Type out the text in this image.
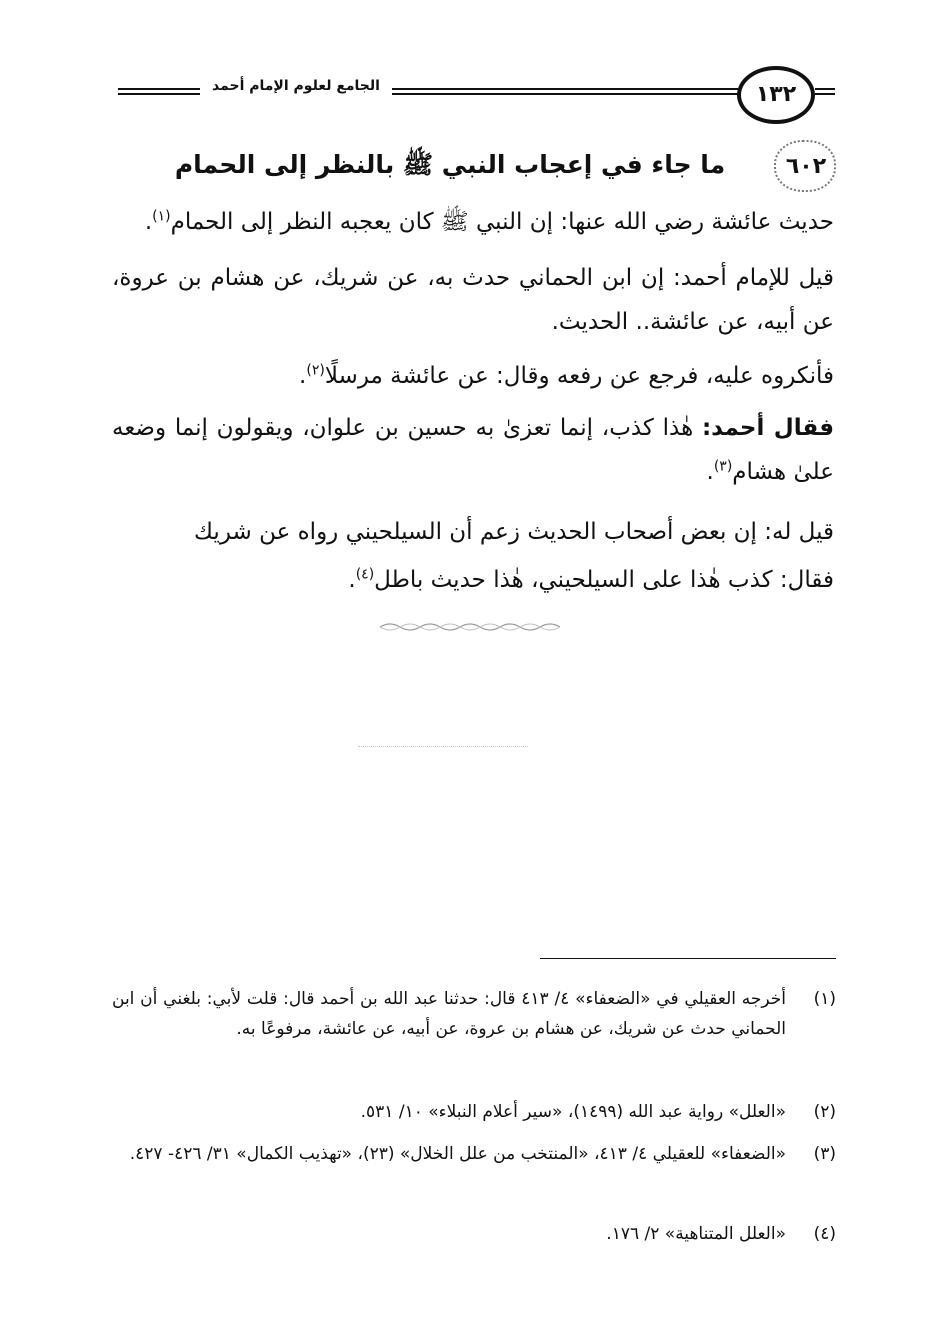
الجامع لعلوم الإمام أحمد	١٣٢
٦٠٢
ما جاء في إعجاب النبي ﷺ بالنظر إلى الحمام
حديث عائشة رضي الله عنها: إن النبي ﷺ كان يعجبه النظر إلى الحمام$^{(١)}$.
قيل للإمام أحمد: إن ابن الحماني حدث به، عن شريك، عن هشام بن عروة، عن أبيه، عن عائشة.. الحديث.
فأنكروه عليه، فرجع عن رفعه وقال: عن عائشة مرسلًا$^{(٢)}$.
فقال أحمد: هٰذا كذب، إنما تعزىٰ به حسين بن علوان، ويقولون إنما وضعه علىٰ هشام$^{(٣)}$.
قيل له: إن بعض أصحاب الحديث زعم أن السيلحيني رواه عن شريك
فقال: كذب هٰذا على السيلحيني، هٰذا حديث باطل$^{(٤)}$.
(١)
أخرجه العقيلي في «الضعفاء» ٤/ ٤١٣ قال: حدثنا عبد الله بن أحمد قال: قلت لأبي: بلغني أن ابن الحماني حدث عن شريك، عن هشام بن عروة، عن أبيه، عن عائشة، مرفوعًا به.
(٢)
«العلل» رواية عبد الله (١٤٩٩)، «سير أعلام النبلاء» ١٠/ ٥٣١.
(٣)
«الضعفاء» للعقيلي ٤/ ٤١٣، «المنتخب من علل الخلال» (٢٣)، «تهذيب الكمال» ٣١/ ٤٢٦- ٤٢٧.
(٤)
«العلل المتناهية» ٢/ ١٧٦.
